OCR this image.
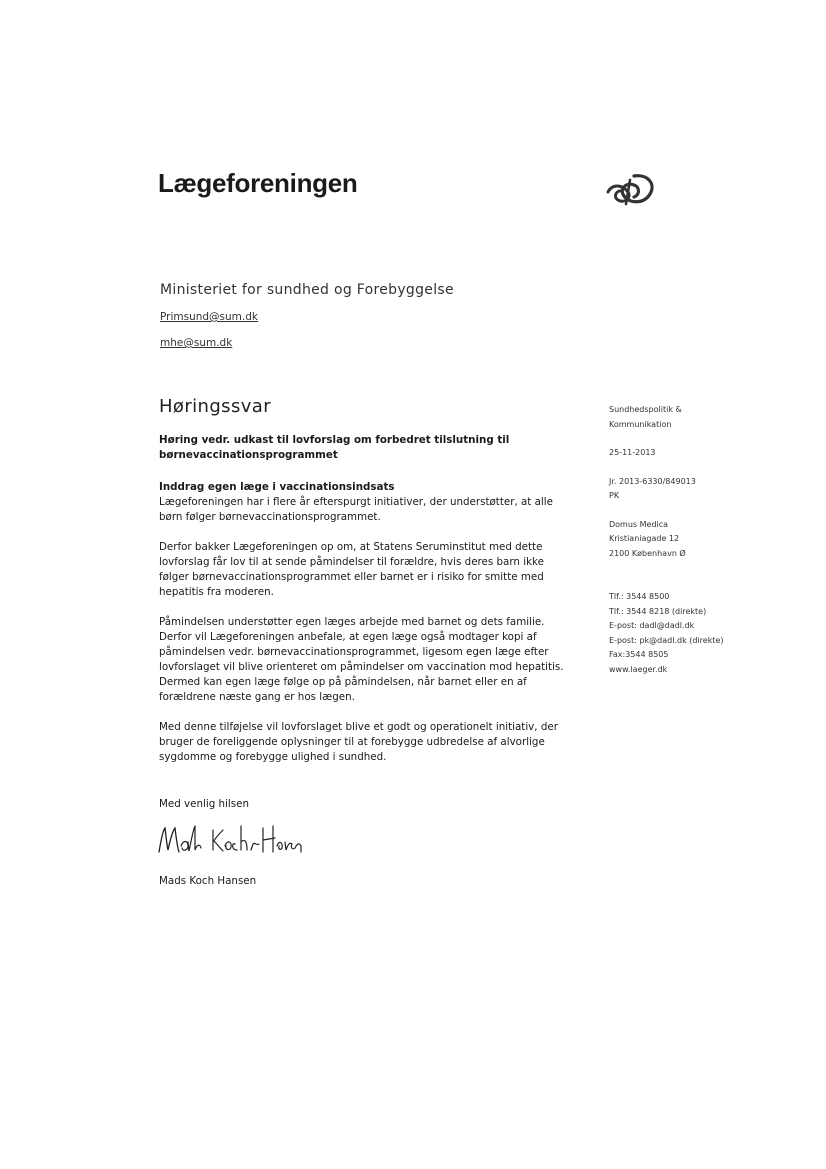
Lægeforeningen
Ministeriet for sundhed og Forebyggelse
Primsund@sum.dk
mhe@sum.dk
Høringssvar

Høring vedr. udkast til lovforslag om forbedret tilslutning til
børnevaccinationsprogrammet

Inddrag egen læge i vaccinationsindsats

Lægeforeningen har i flere år efterspurgt initiativer, der understøtter, at alle børn følger børnevaccinationsprogrammet.

Derfor bakker Lægeforeningen op om, at Statens Seruminstitut med dette lovforslag får lov til at sende påmindelser til forældre, hvis deres barn ikke følger børnevaccinationsprogrammet eller barnet er i risiko for smitte med hepatitis fra moderen.

Påmindelsen understøtter egen læges arbejde med barnet og dets familie. Derfor vil Lægeforeningen anbefale, at egen læge også modtager kopi af påmindelsen vedr. børnevaccinationsprogrammet, ligesom egen læge efter lovforslaget vil blive orienteret om påmindelser om vaccination mod hepatitis. Dermed kan egen læge følge op på påmindelsen, når barnet eller en af forældrene næste gang er hos lægen.

Med denne tilføjelse vil lovforslaget blive et godt og operationelt initiativ, der bruger de foreliggende oplysninger til at forebygge udbredelse af alvorlige sygdomme og forebygge ulighed i sundhed.

Med venlig hilsen
Mads Koch Hansen

Sundhedspolitik &

Kommunikation

25-11-2013

Jr. 2013-6330/849013

PK

Domus Medica

Kristianiagade 12

2100 København Ø

Tlf.: 3544 8500

Tlf.: 3544 8218 (direkte)

E-post: dadl@dadl.dk

E-post: pk@dadl.dk (direkte)

Fax:3544 8505

www.laeger.dk
